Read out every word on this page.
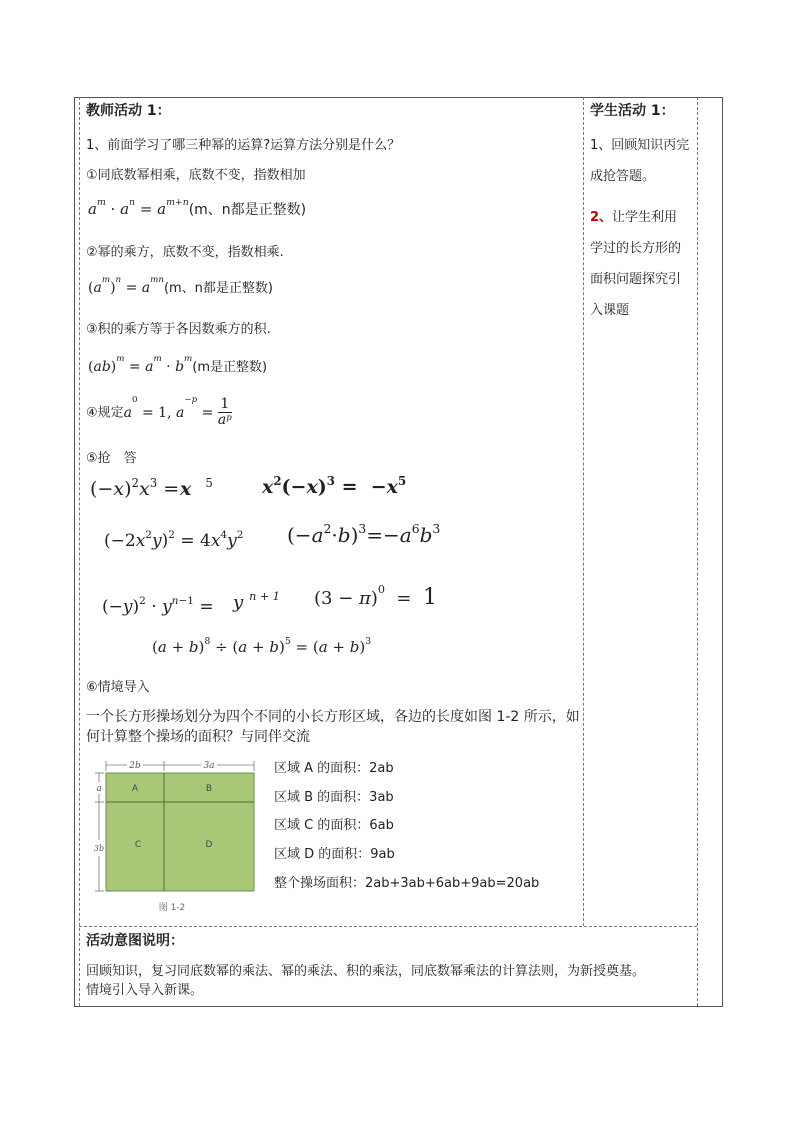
教师活动 1：
1、前面学习了哪三种幂的运算?运算方法分别是什么？
①同底数幂相乘，底数不变，指数相加
$a^m \cdot a^n = a^{m+n}(m$、n都是正整数)
②幂的乘方，底数不变，指数相乘.
$(a^m)^n = a^{mn}(m$、n都是正整数)
③积的乘方等于各因数乘方的积.
$(ab)^m = a^m \cdot b^m(m$是正整数)
④规定$a^0 = 1$, $a^{-p} = \frac{1}{a^p}$
⑤抢　答
$(-x)^2x^3 = x$ $^5$	$x^2(-x)^3 = -x^5$
$(-2x^2y)^2 = 4x^4y^2$ $(-a^2\cdot b)^3=-a^6b^3$
$(-y)^2 \cdot y^{n-1} = y$ $^{n + 1}$ $(3 - \pi)^0 = 1$
$(a + b)^8 \div (a + b)^5 = (a + b)^3$
⑥情境导入
一个长方形操场划分为四个不同的小长方形区域，各边的长度如图 1-2 所示，如
何计算整个操场的面积？与同伴交流
2b	3a
a
3b
A	B
C	D
图 1-2
区域 A 的面积：2ab
区域 B 的面积：3ab
区域 C 的面积：6ab
区域 D 的面积：9ab
整个操场面积：2ab+3ab+6ab+9ab=20ab
学生活动 1：
1、回顾知识丙完
成抢答题。
2、让学生利用
学过的长方形的
面积问题探究引
入课题
活动意图说明：
回顾知识，复习同底数幂的乘法、幂的乘法、积的乘法，同底数幂乘法的计算法则，为新授奠基。
情境引入导入新课。
